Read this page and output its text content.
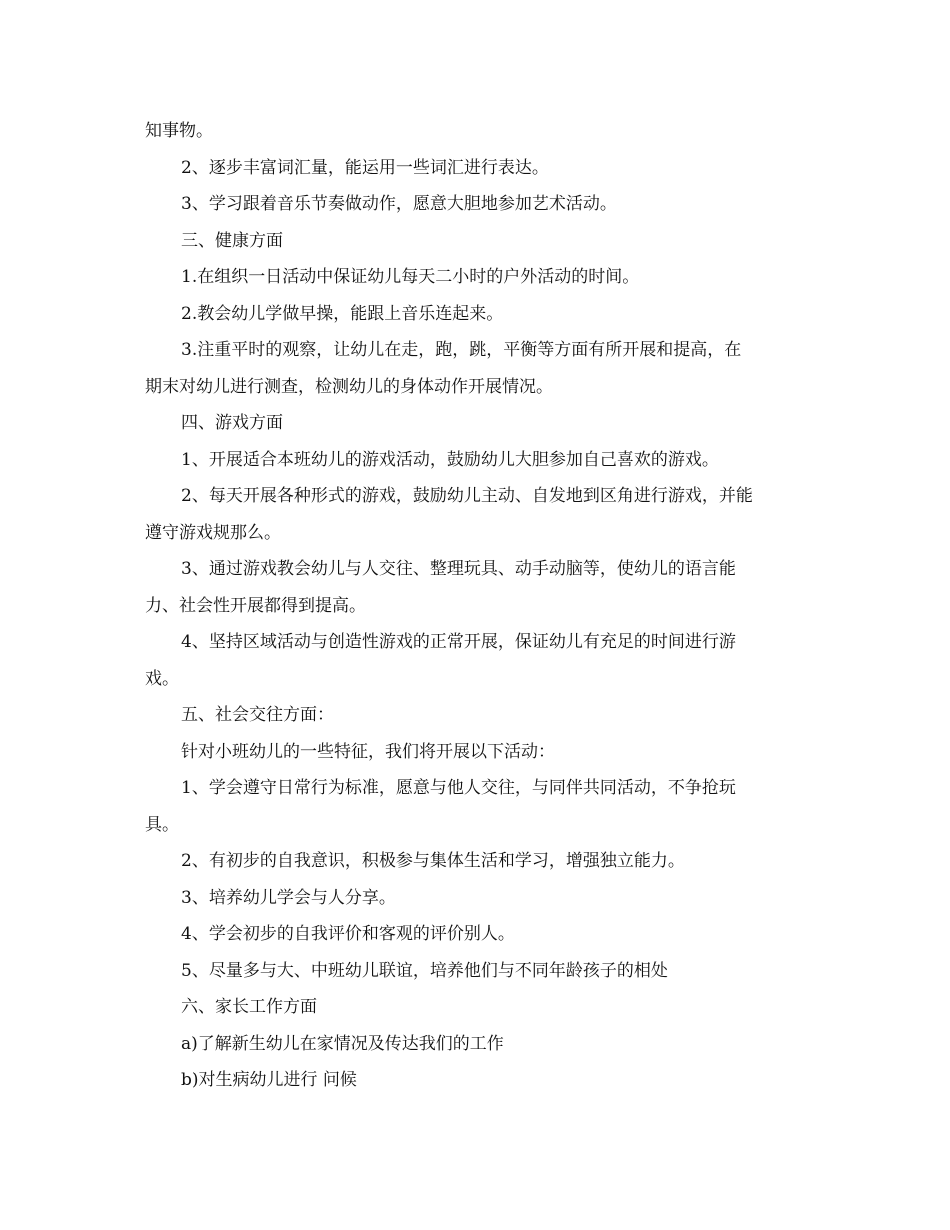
知事物。
2、逐步丰富词汇量，能运用一些词汇进行表达。
3、学习跟着音乐节奏做动作，愿意大胆地参加艺术活动。
三、健康方面
1.在组织一日活动中保证幼儿每天二小时的户外活动的时间。
2.教会幼儿学做早操，能跟上音乐连起来。
3.注重平时的观察，让幼儿在走，跑，跳，平衡等方面有所开展和提高，在
期末对幼儿进行测查，检测幼儿的身体动作开展情况。
四、游戏方面
1、开展适合本班幼儿的游戏活动，鼓励幼儿大胆参加自己喜欢的游戏。
2、每天开展各种形式的游戏，鼓励幼儿主动、自发地到区角进行游戏，并能
遵守游戏规那么。
3、通过游戏教会幼儿与人交往、整理玩具、动手动脑等，使幼儿的语言能
力、社会性开展都得到提高。
4、坚持区域活动与创造性游戏的正常开展，保证幼儿有充足的时间进行游
戏。
五、社会交往方面：
针对小班幼儿的一些特征，我们将开展以下活动：
1、学会遵守日常行为标准，愿意与他人交往，与同伴共同活动，不争抢玩
具。
2、有初步的自我意识，积极参与集体生活和学习，增强独立能力。
3、培养幼儿学会与人分享。
4、学会初步的自我评价和客观的评价别人。
5、尽量多与大、中班幼儿联谊，培养他们与不同年龄孩子的相处
六、家长工作方面
a)了解新生幼儿在家情况及传达我们的工作
b)对生病幼儿进行 问候
